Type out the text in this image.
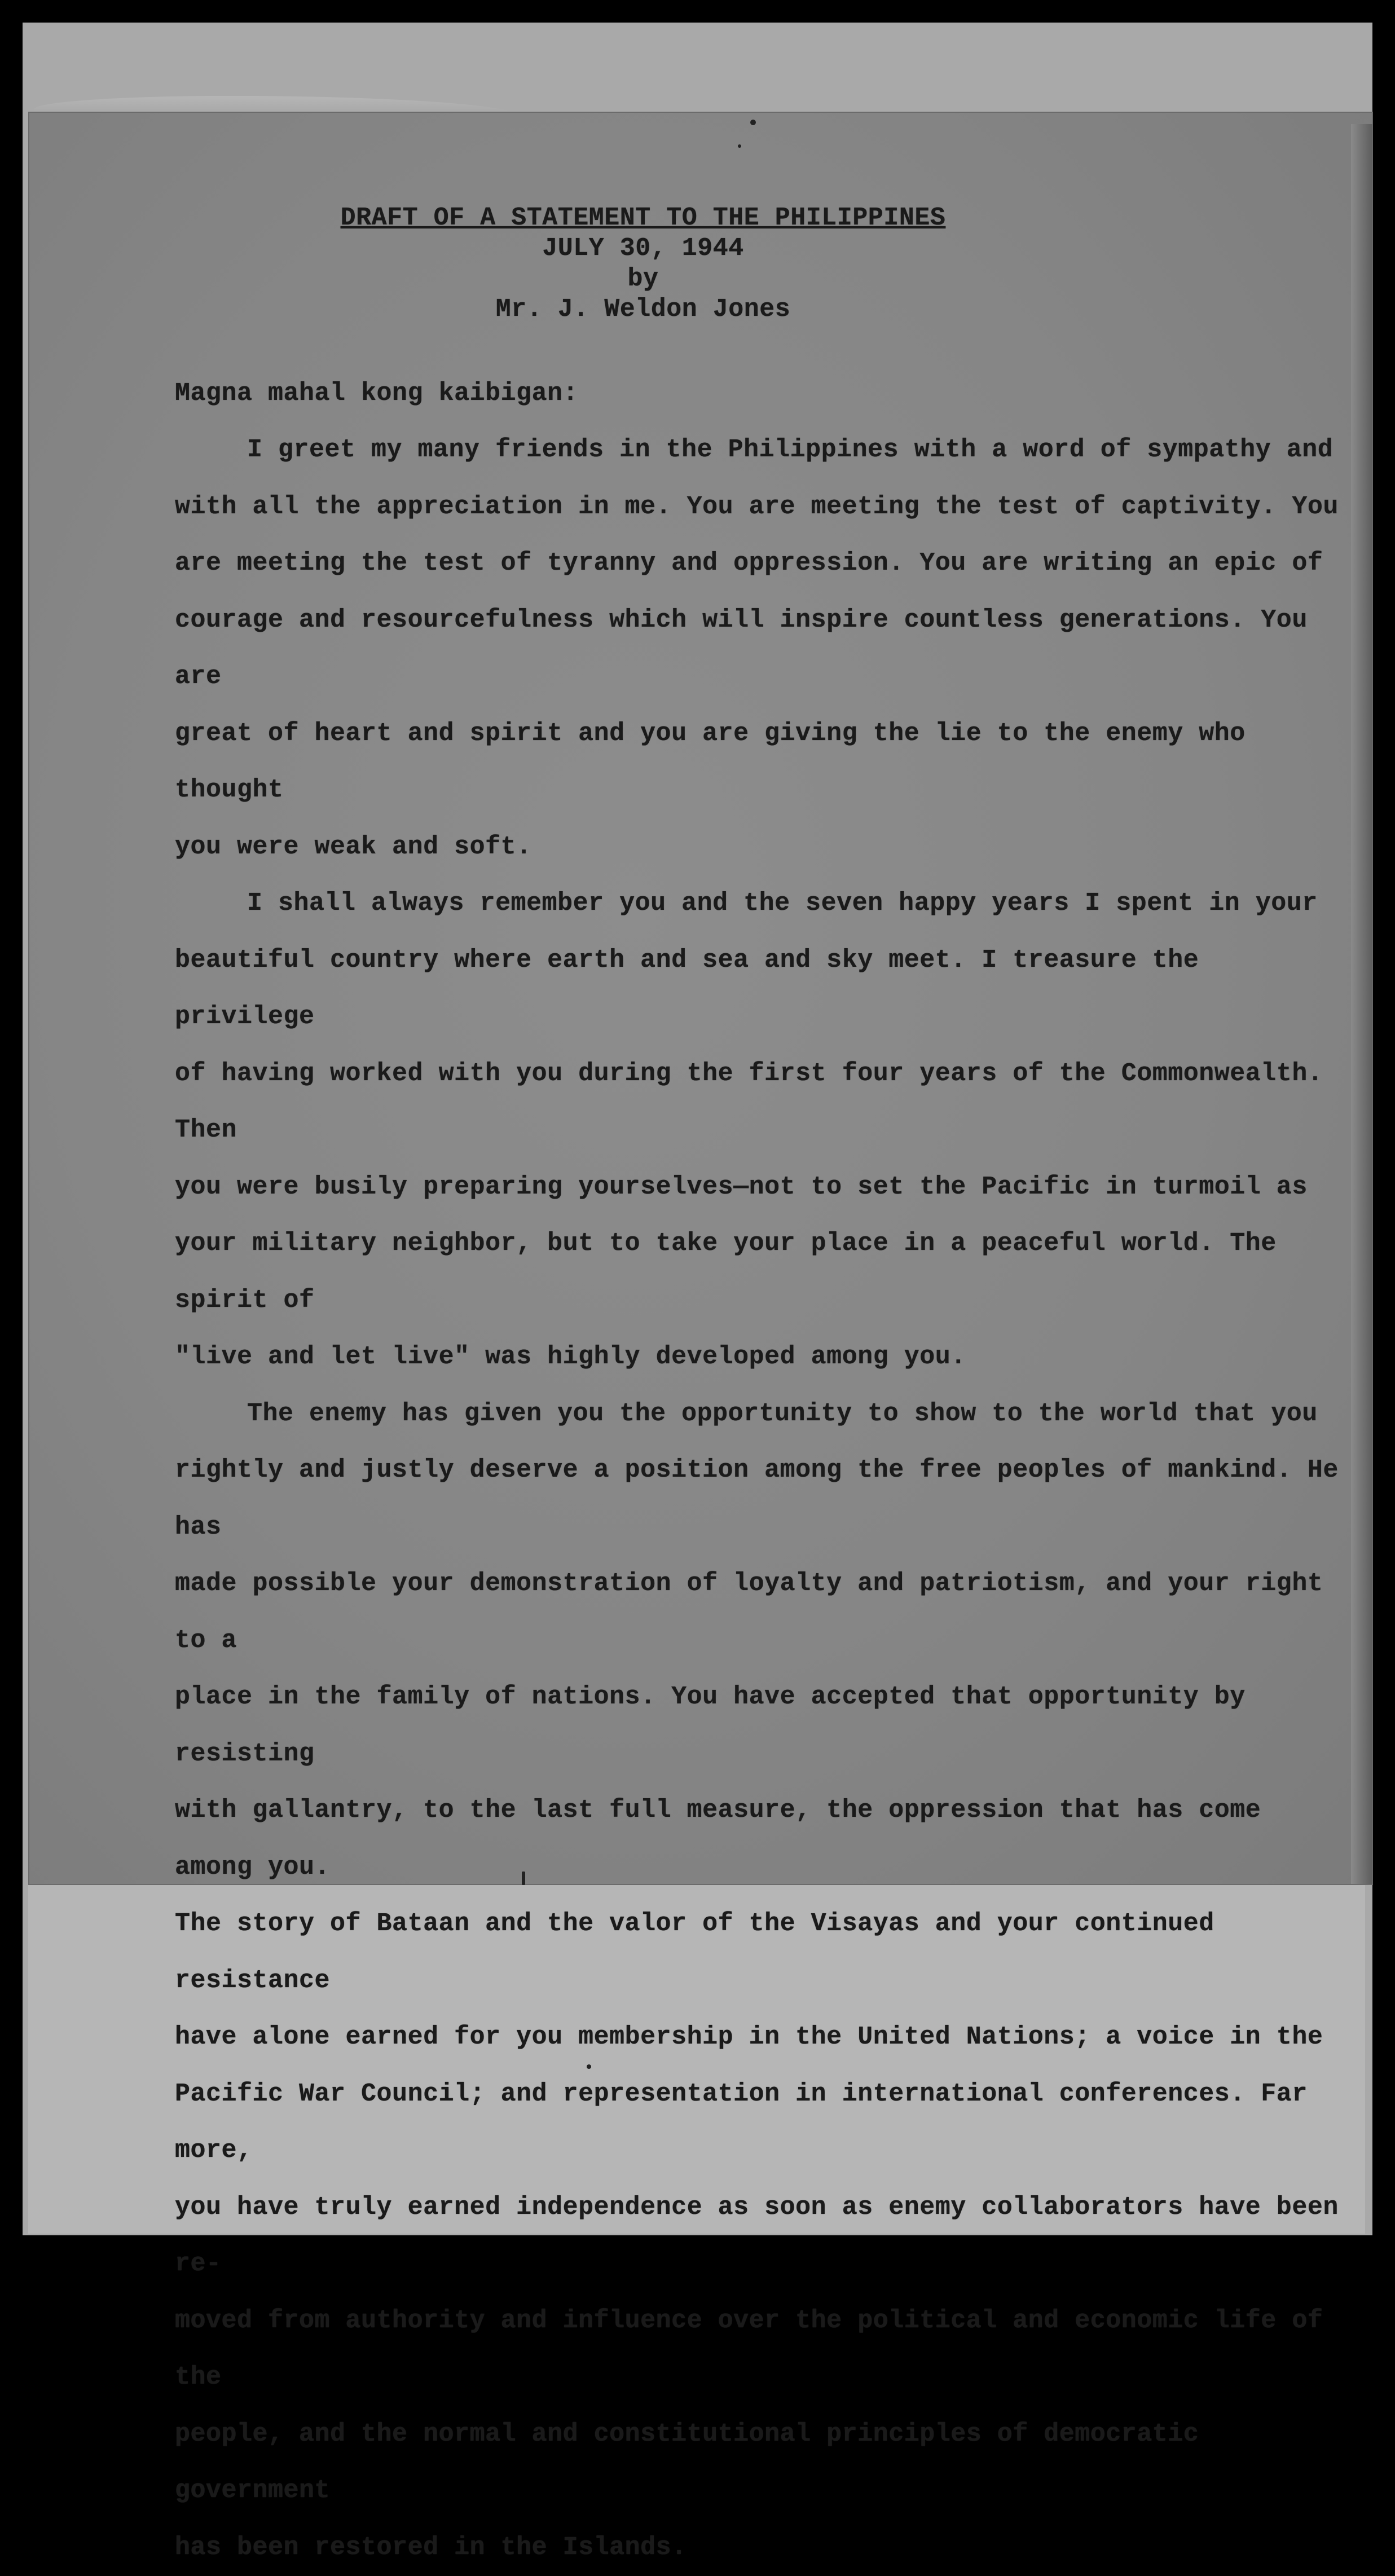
DRAFT OF A STATEMENT TO THE PHILIPPINES
JULY 30, 1944
by
Mr. J. Weldon Jones
Magna mahal kong kaibigan:

I greet my many friends in the Philippines with a word of sympathy and
with all the appreciation in me. You are meeting the test of captivity. You
are meeting the test of tyranny and oppression. You are writing an epic of
courage and resourcefulness which will inspire countless generations. You are
great of heart and spirit and you are giving the lie to the enemy who thought
you were weak and soft.

I shall always remember you and the seven happy years I spent in your
beautiful country where earth and sea and sky meet. I treasure the privilege
of having worked with you during the first four years of the Commonwealth. Then
you were busily preparing yourselves—not to set the Pacific in turmoil as
your military neighbor, but to take your place in a peaceful world. The spirit of
"live and let live" was highly developed among you.

The enemy has given you the opportunity to show to the world that you
rightly and justly deserve a position among the free peoples of mankind. He has
made possible your demonstration of loyalty and patriotism, and your right to a
place in the family of nations. You have accepted that opportunity by resisting
with gallantry, to the last full measure, the oppression that has come among you.
The story of Bataan and the valor of the Visayas and your continued resistance
have alone earned for you membership in the United Nations; a voice in the
Pacific War Council; and representation in international conferences. Far more,
you have truly earned independence as soon as enemy collaborators have been re-
moved from authority and influence over the political and economic life of the
people, and the normal and constitutional principles of democratic government
has been restored in the Islands.
